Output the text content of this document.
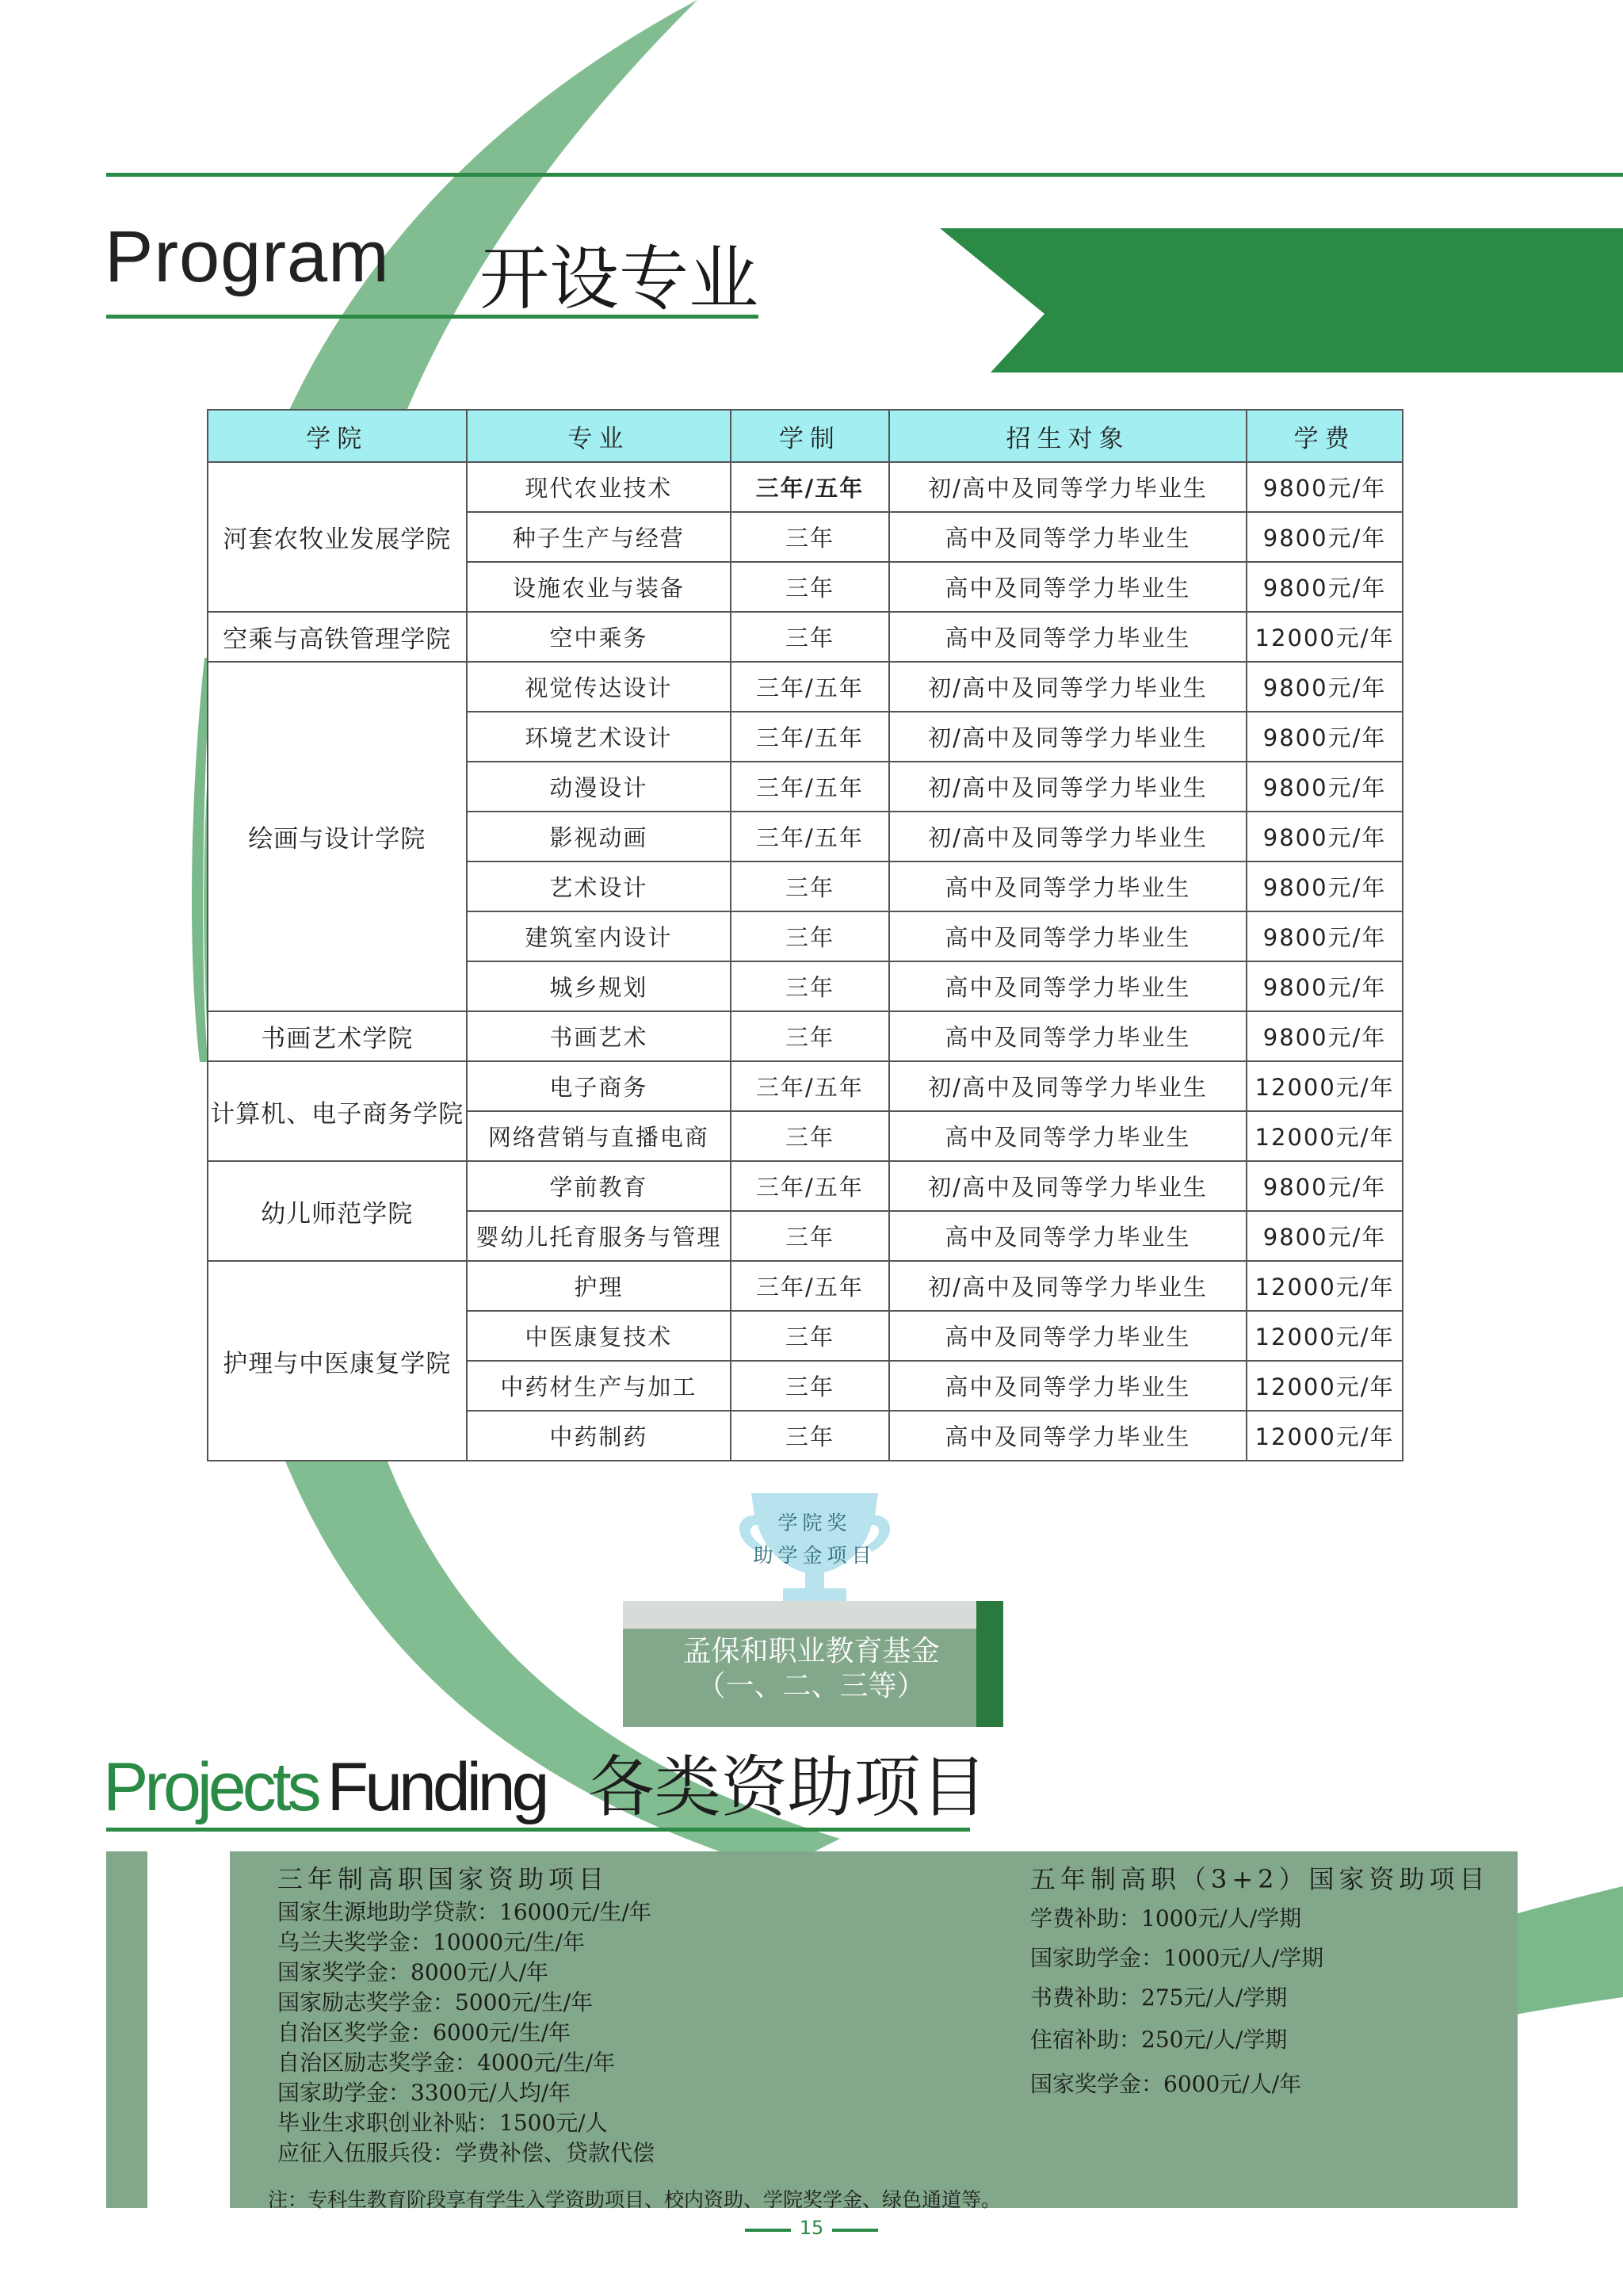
Program 开设专业
学院	专业	学制	招生对象	学费
河套农牧业发展学院	现代农业技术	三年/五年	初/高中及同等学力毕业生	9800元/年
	种子生产与经营	三年	高中及同等学力毕业生	9800元/年
	设施农业与装备	三年	高中及同等学力毕业生	9800元/年
空乘与高铁管理学院	空中乘务	三年	高中及同等学力毕业生	12000元/年
绘画与设计学院	视觉传达设计	三年/五年	初/高中及同等学力毕业生	9800元/年
	环境艺术设计	三年/五年	初/高中及同等学力毕业生	9800元/年
	动漫设计	三年/五年	初/高中及同等学力毕业生	9800元/年
	影视动画	三年/五年	初/高中及同等学力毕业生	9800元/年
	艺术设计	三年	高中及同等学力毕业生	9800元/年
	建筑室内设计	三年	高中及同等学力毕业生	9800元/年
	城乡规划	三年	高中及同等学力毕业生	9800元/年
书画艺术学院	书画艺术	三年	高中及同等学力毕业生	9800元/年
计算机、电子商务学院	电子商务	三年/五年	初/高中及同等学力毕业生	12000元/年
	网络营销与直播电商	三年	高中及同等学力毕业生	12000元/年
幼儿师范学院	学前教育	三年/五年	初/高中及同等学力毕业生	9800元/年
	婴幼儿托育服务与管理	三年	高中及同等学力毕业生	9800元/年
护理与中医康复学院	护理	三年/五年	初/高中及同等学力毕业生	12000元/年
	中医康复技术	三年	高中及同等学力毕业生	12000元/年
	中药材生产与加工	三年	高中及同等学力毕业生	12000元/年
	中药制药	三年	高中及同等学力毕业生	12000元/年
学院奖
助学金项目
孟保和职业教育基金
（一、二、三等）
Projects Funding 各类资助项目
三年制高职国家资助项目
国家生源地助学贷款：16000元/生/年
乌兰夫奖学金：10000元/生/年
国家奖学金：8000元/人/年
国家励志奖学金：5000元/生/年
自治区奖学金：6000元/生/年
自治区励志奖学金：4000元/生/年
国家助学金：3300元/人均/年
毕业生求职创业补贴：1500元/人
应征入伍服兵役：学费补偿、贷款代偿
五年制高职（3+2）国家资助项目
学费补助：1000元/人/学期
国家助学金：1000元/人/学期
书费补助：275元/人/学期
住宿补助：250元/人/学期
国家奖学金：6000元/人/年
注：专科生教育阶段享有学生入学资助项目、校内资助、学院奖学金、绿色通道等。
15
